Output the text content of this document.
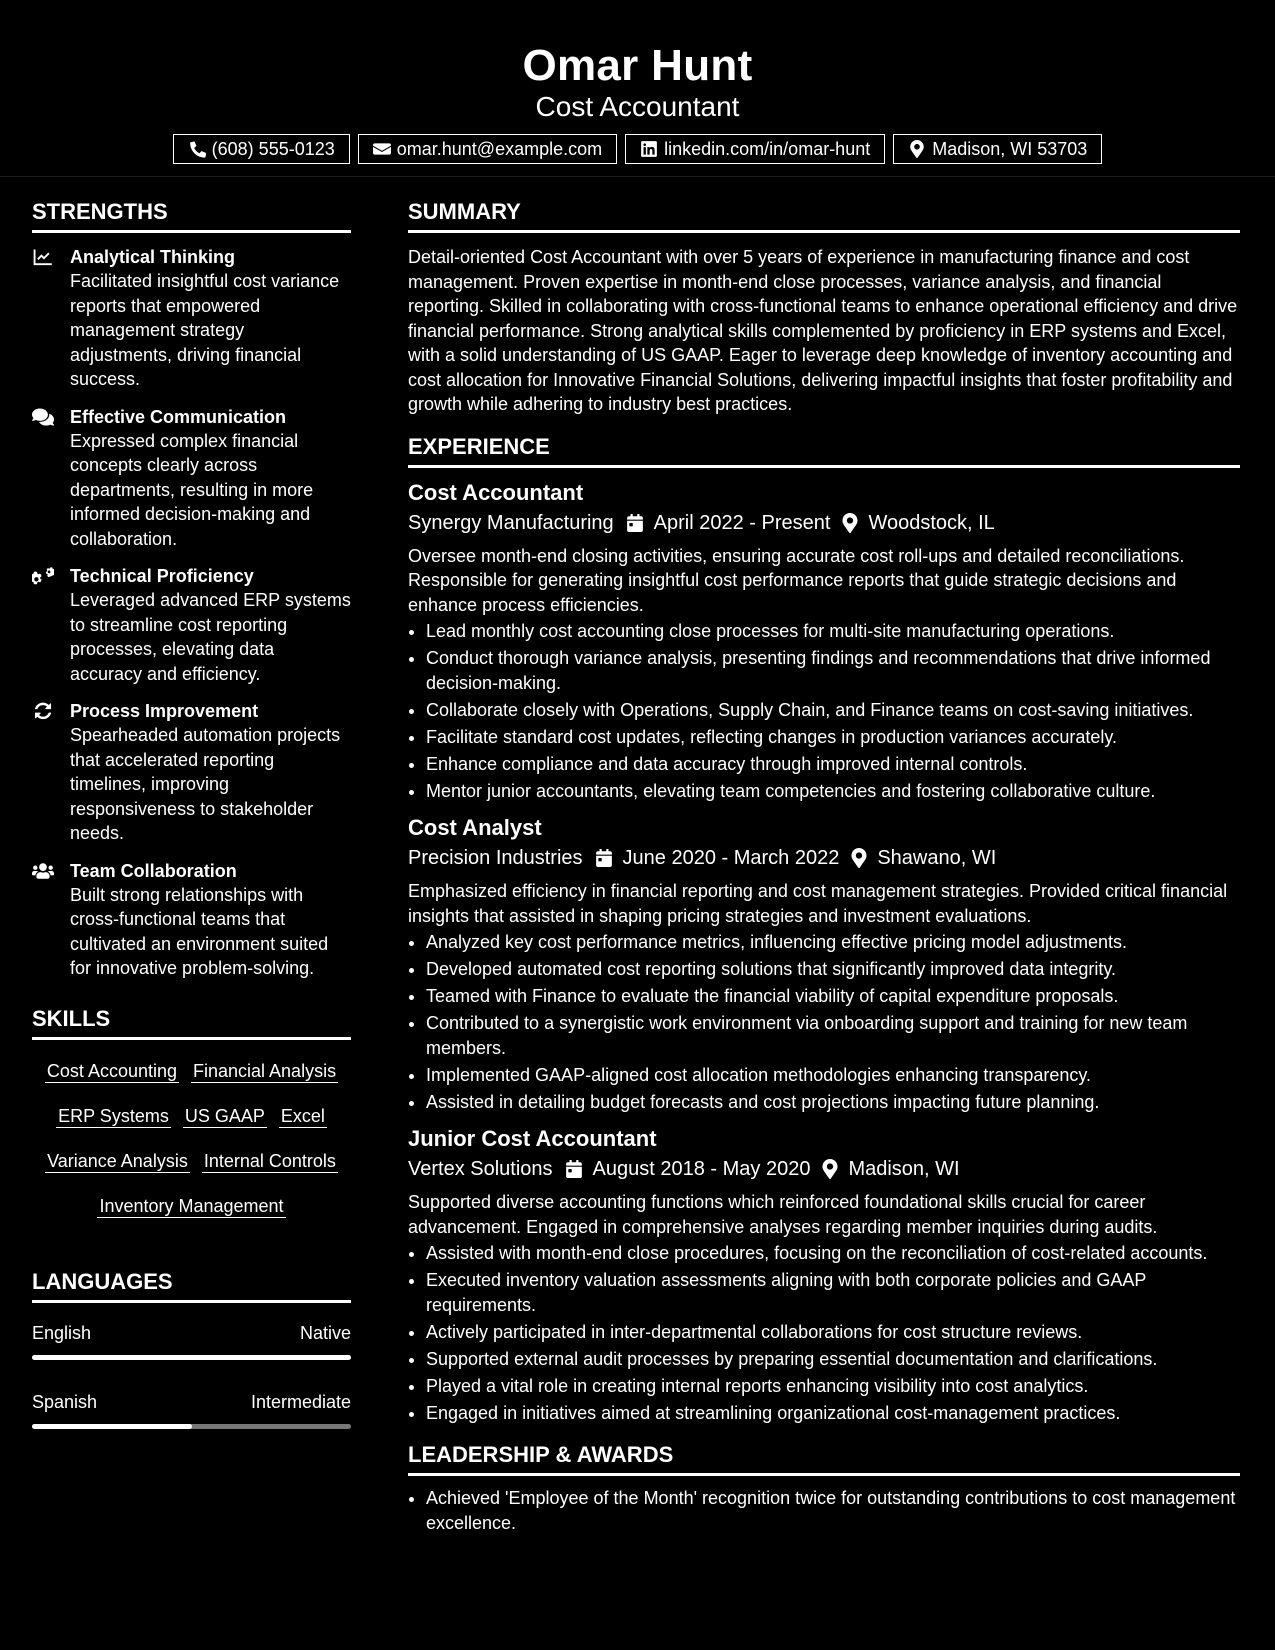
Omar Hunt
Cost Accountant
(608) 555-0123	omar.hunt@example.com	linkedin.com/in/omar-hunt	Madison, WI 53703
STRENGTHS
Analytical Thinking
Facilitated insightful cost variance reports that empowered management strategy adjustments, driving financial success.
Effective Communication
Expressed complex financial concepts clearly across departments, resulting in more informed decision-making and collaboration.
Technical Proficiency
Leveraged advanced ERP systems to streamline cost reporting processes, elevating data accuracy and efficiency.
Process Improvement
Spearheaded automation projects that accelerated reporting timelines, improving responsiveness to stakeholder needs.
Team Collaboration
Built strong relationships with cross-functional teams that cultivated an environment suited for innovative problem-solving.
SKILLS
Cost Accounting Financial Analysis
ERP Systems US GAAP Excel
Variance Analysis Internal Controls
Inventory Management
LANGUAGES
English	Native
Spanish	Intermediate
SUMMARY

Detail-oriented Cost Accountant with over 5 years of experience in manufacturing finance and cost management. Proven expertise in month-end close processes, variance analysis, and financial reporting. Skilled in collaborating with cross-functional teams to enhance operational efficiency and drive financial performance. Strong analytical skills complemented by proficiency in ERP systems and Excel, with a solid understanding of US GAAP. Eager to leverage deep knowledge of inventory accounting and cost allocation for Innovative Financial Solutions, delivering impactful insights that foster profitability and growth while adhering to industry best practices.

EXPERIENCE
Cost Accountant
Synergy Manufacturing April 2022 - Present Woodstock, IL

Oversee month-end closing activities, ensuring accurate cost roll-ups and detailed reconciliations. Responsible for generating insightful cost performance reports that guide strategic decisions and enhance process efficiencies.

• Lead monthly cost accounting close processes for multi-site manufacturing operations.
• Conduct thorough variance analysis, presenting findings and recommendations that drive informed decision-making.
• Collaborate closely with Operations, Supply Chain, and Finance teams on cost-saving initiatives.
• Facilitate standard cost updates, reflecting changes in production variances accurately.
• Enhance compliance and data accuracy through improved internal controls.
• Mentor junior accountants, elevating team competencies and fostering collaborative culture.
Cost Analyst
Precision Industries June 2020 - March 2022 Shawano, WI

Emphasized efficiency in financial reporting and cost management strategies. Provided critical financial insights that assisted in shaping pricing strategies and investment evaluations.

• Analyzed key cost performance metrics, influencing effective pricing model adjustments.
• Developed automated cost reporting solutions that significantly improved data integrity.
• Teamed with Finance to evaluate the financial viability of capital expenditure proposals.
• Contributed to a synergistic work environment via onboarding support and training for new team members.
• Implemented GAAP-aligned cost allocation methodologies enhancing transparency.
• Assisted in detailing budget forecasts and cost projections impacting future planning.
Junior Cost Accountant
Vertex Solutions August 2018 - May 2020 Madison, WI

Supported diverse accounting functions which reinforced foundational skills crucial for career advancement. Engaged in comprehensive analyses regarding member inquiries during audits.

• Assisted with month-end close procedures, focusing on the reconciliation of cost-related accounts.
• Executed inventory valuation assessments aligning with both corporate policies and GAAP requirements.
• Actively participated in inter-departmental collaborations for cost structure reviews.
• Supported external audit processes by preparing essential documentation and clarifications.
• Played a vital role in creating internal reports enhancing visibility into cost analytics.
• Engaged in initiatives aimed at streamlining organizational cost-management practices.
LEADERSHIP & AWARDS
• Achieved 'Employee of the Month' recognition twice for outstanding contributions to cost management excellence.
